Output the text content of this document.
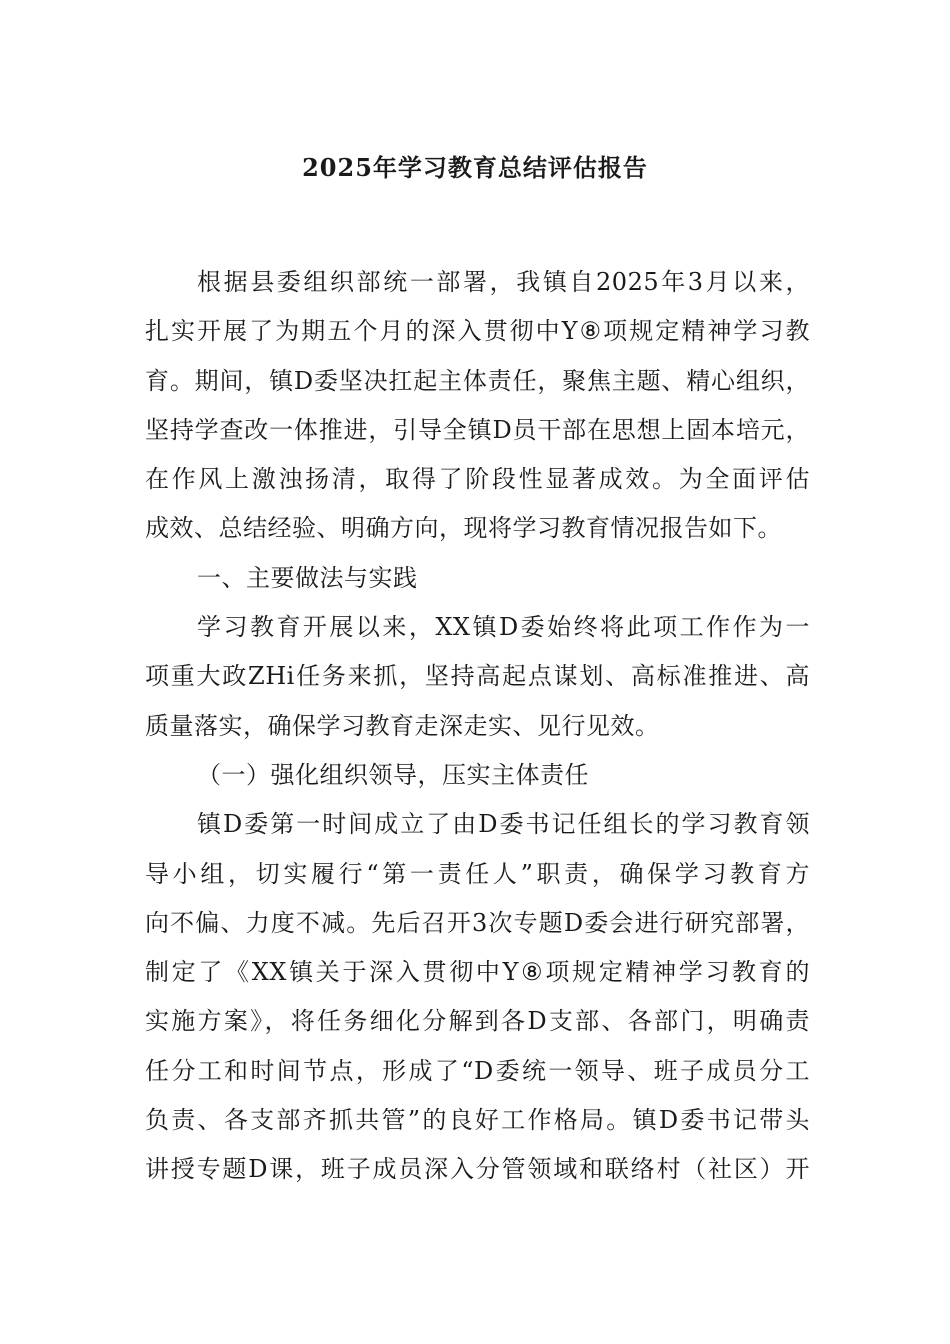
2025年学习教育总结评估报告
根据县委组织部统一部署，我镇自2025年3月以来，
扎实开展了为期五个月的深入贯彻中Y⑧项规定精神学习教
育。期间，镇D委坚决扛起主体责任，聚焦主题、精心组织，
坚持学查改一体推进，引导全镇D员干部在思想上固本培元，
在作风上激浊扬清，取得了阶段性显著成效。为全面评估
成效、总结经验、明确方向，现将学习教育情况报告如下。
一、主要做法与实践
学习教育开展以来，XX镇D委始终将此项工作作为一
项重大政ZHi任务来抓，坚持高起点谋划、高标准推进、高
质量落实，确保学习教育走深走实、见行见效。
（一）强化组织领导，压实主体责任
镇D委第一时间成立了由D委书记任组长的学习教育领
导小组，切实履行“第一责任人”职责，确保学习教育方
向不偏、力度不减。先后召开3次专题D委会进行研究部署，
制定了《XX镇关于深入贯彻中Y⑧项规定精神学习教育的
实施方案》，将任务细化分解到各D支部、各部门，明确责
任分工和时间节点，形成了“D委统一领导、班子成员分工
负责、各支部齐抓共管”的良好工作格局。镇D委书记带头
讲授专题D课，班子成员深入分管领域和联络村（社区）开
